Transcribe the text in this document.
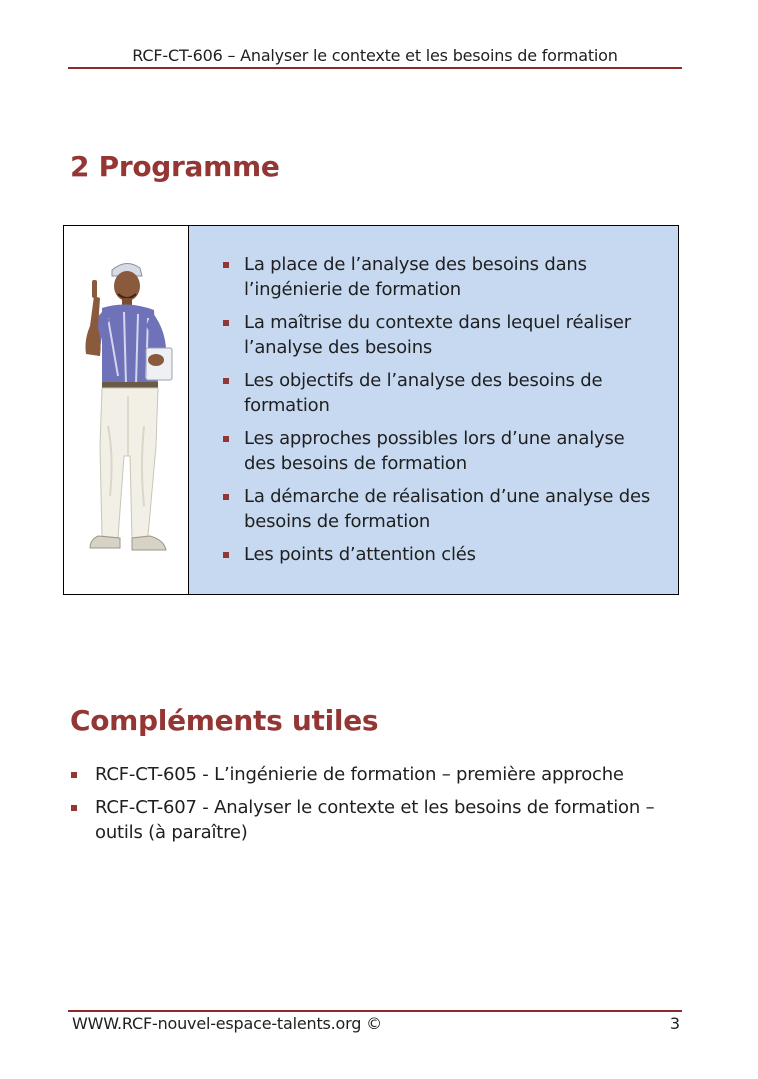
RCF-CT-606 – Analyser le contexte et les besoins de formation
2 Programme
La place de l’analyse des besoins dans l’ingénierie de formation
La maîtrise du contexte dans lequel réaliser l’analyse des besoins
Les objectifs de l’analyse des besoins de formation
Les approches possibles lors d’une analyse des besoins de formation
La démarche de réalisation d’une analyse des besoins de formation
Les points d’attention clés
Compléments utiles
RCF-CT-605 - L’ingénierie de formation – première approche
RCF-CT-607 - Analyser le contexte et les besoins de formation – outils (à paraître)
WWW.RCF-nouvel-espace-talents.org ©	3
